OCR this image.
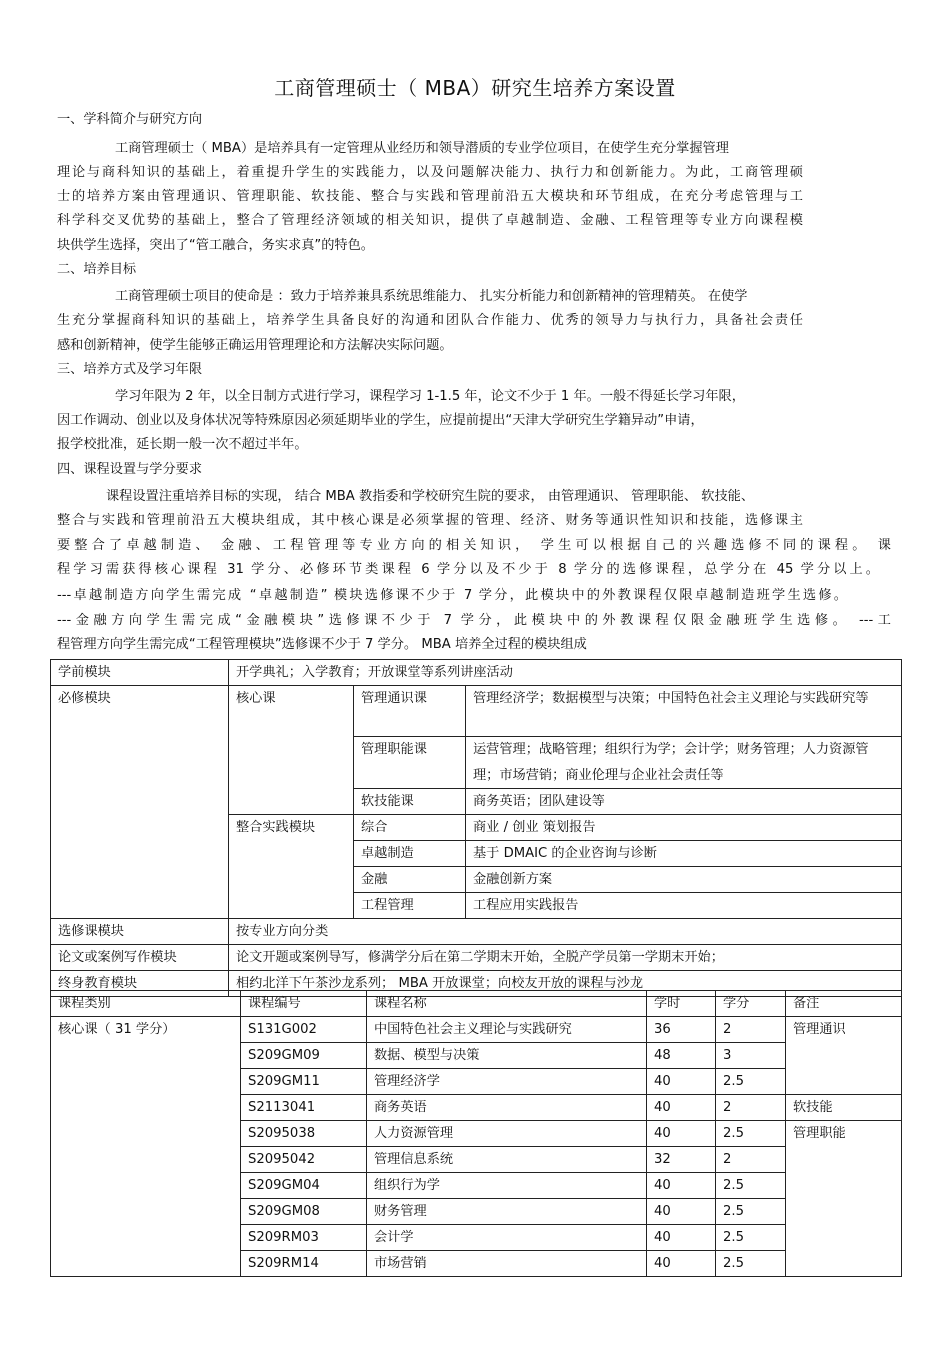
工商管理硕士（ MBA）研究生培养方案设置
一、学科简介与研究方向
工商管理硕士（ MBA）是培养具有一定管理从业经历和领导潜质的专业学位项目，在使学生充分掌握管理
理论与商科知识的基础上，着重提升学生的实践能力，以及问题解决能力、执行力和创新能力。为此，工商管理硕
士的培养方案由管理通识、管理职能、软技能、整合与实践和管理前沿五大模块和环节组成，在充分考虑管理与工
科学科交叉优势的基础上，整合了管理经济领域的相关知识，提供了卓越制造、金融、工程管理等专业方向课程模
块供学生选择，突出了“管工融合，务实求真”的特色。
二、培养目标
工商管理硕士项目的使命是 ：致力于培养兼具系统思维能力、 扎实分析能力和创新精神的管理精英。 在使学
生充分掌握商科知识的基础上，培养学生具备良好的沟通和团队合作能力、优秀的领导力与执行力，具备社会责任
感和创新精神，使学生能够正确运用管理理论和方法解决实际问题。
三、培养方式及学习年限
学习年限为 2 年，以全日制方式进行学习，课程学习 1-1.5 年，论文不少于 1 年。一般不得延长学习年限，
因工作调动、创业以及身体状况等特殊原因必须延期毕业的学生，应提前提出“天津大学研究生学籍异动”申请，
报学校批准，延长期一般一次不超过半年。
四、课程设置与学分要求
课程设置注重培养目标的实现， 结合 MBA 教指委和学校研究生院的要求， 由管理通识、 管理职能、 软技能、
整合与实践和管理前沿五大模块组成，其中核心课是必须掌握的管理、经济、财务等通识性知识和技能，选修课主
要整合了卓越制造、 金融、工程管理等专业方向的相关知识， 学生可以根据自己的兴趣选修不同的课程。 课
程学习需获得核心课程 31 学分、必修环节类课程 6 学分以及不少于 8 学分的选修课程，总学分在 45 学分以上。
---卓越制造方向学生需完成 “卓越制造” 模块选修课不少于 7 学分，此模块中的外教课程仅限卓越制造班学生选修。
---金融方向学生需完成“金融模块”选修课不少于 7 学分，此模块中的外教课程仅限金融班学生选修。 ---工
程管理方向学生需完成“工程管理模块”选修课不少于 7 学分。 MBA 培养全过程的模块组成
学前模块	开学典礼；入学教育；开放课堂等系列讲座活动		
必修模块	核心课	管理通识课	管理经济学；数据模型与决策；中国特色社会主义理论与实践研究等
		管理职能课	运营管理；战略管理；组织行为学；会计学；财务管理；人力资源管理；市场营销；商业伦理与企业社会责任等
		软技能课	商务英语；团队建设等
	整合实践模块	综合	商业 / 创业 策划报告
		卓越制造	基于 DMAIC 的企业咨询与诊断
		金融	金融创新方案
		工程管理	工程应用实践报告
选修课模块	按专业方向分类		
论文或案例写作模块	论文开题或案例导写，修满学分后在第二学期末开始，全脱产学员第一学期末开始；		
终身教育模块	相约北洋下午茶沙龙系列； MBA 开放课堂；向校友开放的课程与沙龙		
课程类别	课程编号	课程名称	学时	学分	备注
核心课（ 31 学分）	S131G002	中国特色社会主义理论与实践研究	36	2	管理通识
	S209GM09	数据、模型与决策	48	3	
	S209GM11	管理经济学	40	2.5	
	S2113041	商务英语	40	2	软技能
	S2095038	人力资源管理	40	2.5	管理职能
	S2095042	管理信息系统	32	2	
	S209GM04	组织行为学	40	2.5	
	S209GM08	财务管理	40	2.5	
	S209RM03	会计学	40	2.5	
	S209RM14	市场营销	40	2.5	
